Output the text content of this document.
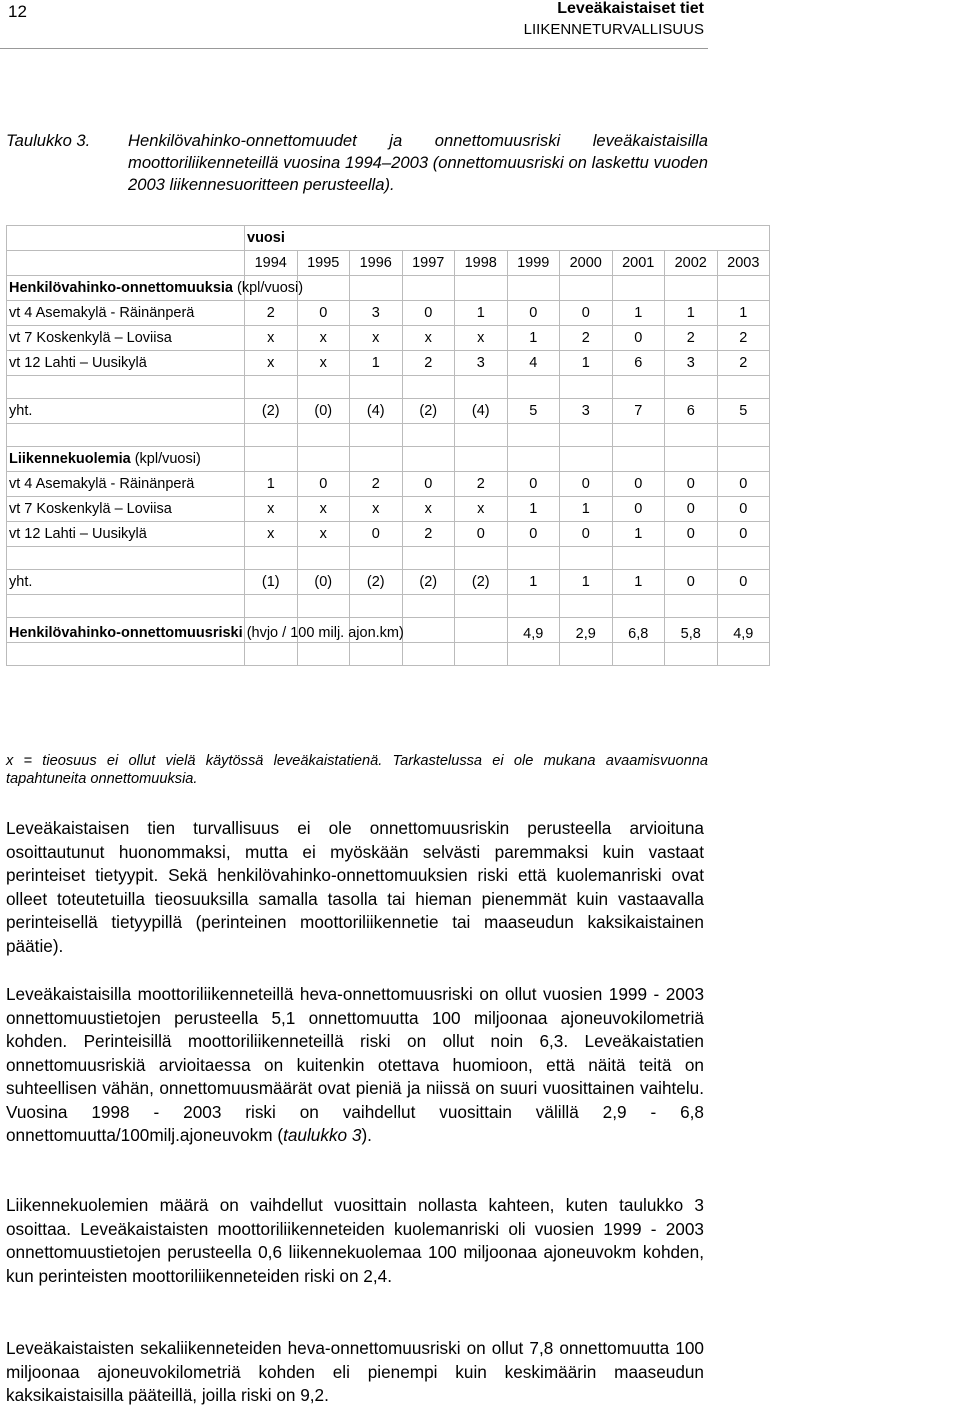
12	Leveäkaistaiset tiet
LIIKENNETURVALLISUUS
Taulukko 3. Henkilövahinko-onnettomuudet ja onnettomuusriski leveäkaistaisilla moottoriliikenneteillä vuosina 1994–2003 (onnettomuusriski on laskettu vuoden 2003 liikennesuoritteen perusteella).
	vuosi									
	1994	1995	1996	1997	1998	1999	2000	2001	2002	2003
Henkilövahinko-onnettomuuksia (kpl/vuosi)										
vt 4 Asemakylä - Räinänperä	2	0	3	0	1	0	0	1	1	1
vt 7 Koskenkylä – Loviisa	x	x	x	x	x	1	2	0	2	2
vt 12 Lahti – Uusikylä	x	x	1	2	3	4	1	6	3	2

yht.	(2)	(0)	(4)	(2)	(4)	5	3	7	6	5

Liikennekuolemia (kpl/vuosi)										
vt 4 Asemakylä - Räinänperä	1	0	2	0	2	0	0	0	0	0
vt 7 Koskenkylä – Loviisa	x	x	x	x	x	1	1	0	0	0
vt 12 Lahti – Uusikylä	x	x	0	2	0	0	0	1	0	0

yht.	(1)	(0)	(2)	(2)	(2)	1	1	1	0	0

Henkilövahinko-onnettomuusriski (hvjo / 100 milj. ajon.km)						4,9	2,9	6,8	5,8	4,9

x = tieosuus ei ollut vielä käytössä leveäkaistatienä. Tarkastelussa ei ole mukana avaamisvuonna tapahtuneita onnettomuuksia.

Leveäkaistaisen tien turvallisuus ei ole onnettomuusriskin perusteella arvioituna osoittautunut huonommaksi, mutta ei myöskään selvästi paremmaksi kuin vastaat perinteiset tietyypit. Sekä henkilövahinko-onnettomuuksien riski että kuolemanriski ovat olleet toteutetuilla tieosuuksilla samalla tasolla tai hieman pienemmät kuin vastaavalla perinteisellä tietyypillä (perinteinen moottoriliikennetie tai maaseudun kaksikaistainen päätie).

Leveäkaistaisilla moottoriliikenneteillä heva-onnettomuusriski on ollut vuosien 1999 - 2003 onnettomuustietojen perusteella 5,1 onnettomuutta 100 miljoonaa ajoneuvokilometriä kohden. Perinteisillä moottoriliikenneteillä riski on ollut noin 6,3. Leveäkaistatien onnettomuusriskiä arvioitaessa on kuitenkin otettava huomioon, että näitä teitä on suhteellisen vähän, onnettomuusmäärät ovat pieniä ja niissä on suuri vuosittainen vaihtelu. Vuosina 1998 - 2003 riski on vaihdellut vuosittain välillä 2,9 - 6,8 onnettomuutta/100milj.ajoneuvokm (taulukko 3).

Liikennekuolemien määrä on vaihdellut vuosittain nollasta kahteen, kuten taulukko 3 osoittaa. Leveäkaistaisten moottoriliikenneteiden kuolemanriski oli vuosien 1999 - 2003 onnettomuustietojen perusteella 0,6 liikennekuolemaa 100 miljoonaa ajoneuvokm kohden, kun perinteisten moottoriliikenneteiden riski on 2,4.

Leveäkaistaisten sekaliikenneteiden heva-onnettomuusriski on ollut 7,8 onnettomuutta 100 miljoonaa ajoneuvokilometriä kohden eli pienempi kuin keskimäärin maaseudun kaksikaistaisilla pääteillä, joilla riski on 9,2.
